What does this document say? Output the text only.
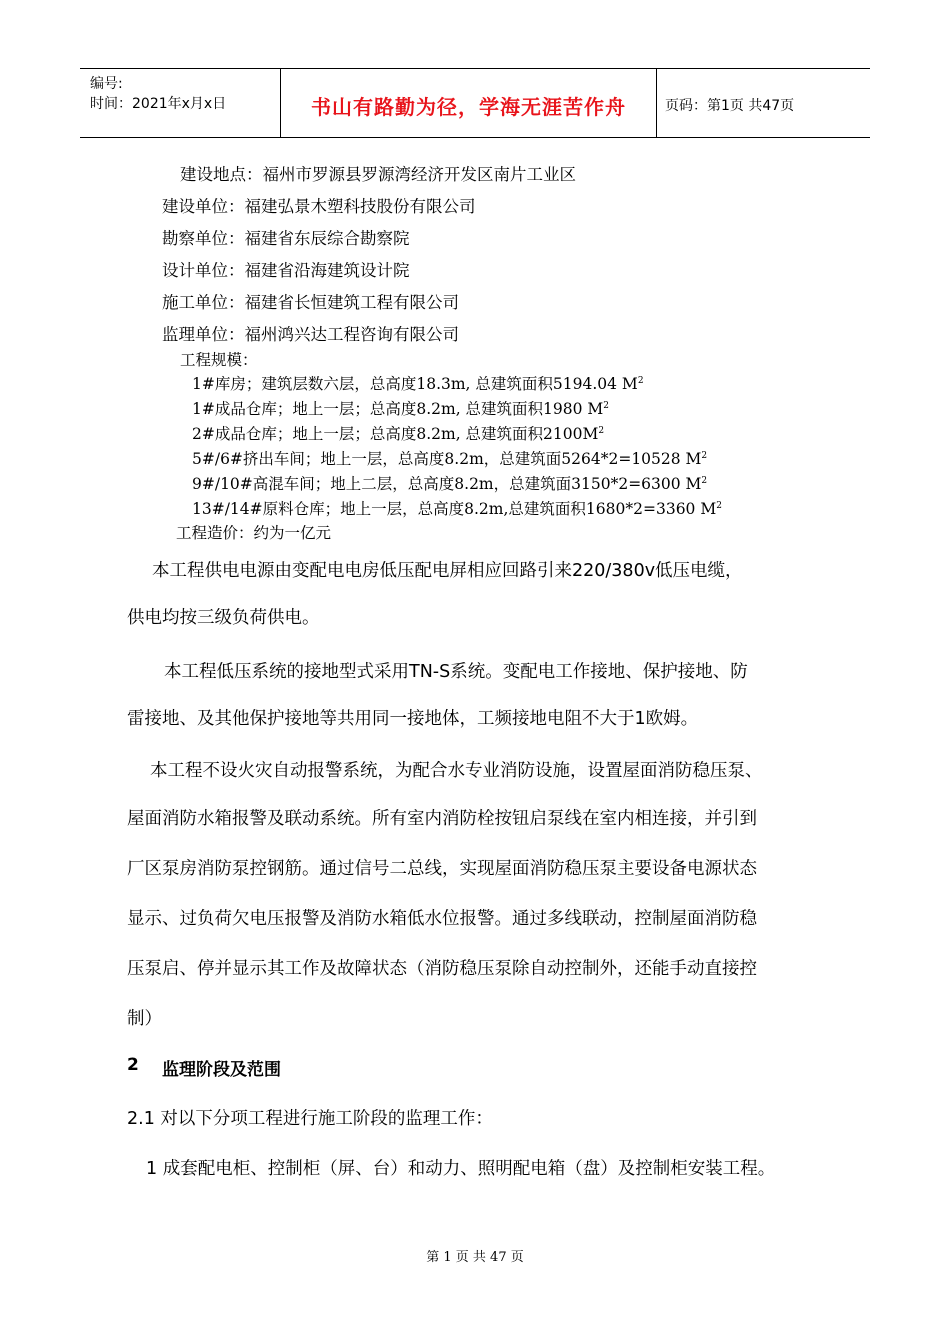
编号:
时间：2021年x月x日	书山有路勤为径，学海无涯苦作舟	页码：第1页 共47页
建设地点：福州市罗源县罗源湾经济开发区南片工业区
建设单位：福建弘景木塑科技股份有限公司
勘察单位：福建省东辰综合勘察院
设计单位：福建省沿海建筑设计院
施工单位：福建省长恒建筑工程有限公司
监理单位：福州鸿兴达工程咨询有限公司
工程规模：
1#库房；建筑层数六层，总高度18.3m, 总建筑面积5194.04 $M^2$
1#成品仓库；地上一层；总高度8.2m, 总建筑面积1980 $M^2$
2#成品仓库；地上一层；总高度8.2m, 总建筑面积$2100M^2$
5#/6#挤出车间；地上一层，总高度8.2m，总建筑面5264*2=10528 $M^2$
9#/10#高混车间；地上二层，总高度8.2m，总建筑面3150*2=6300 $M^2$
13#/14#原料仓库；地上一层，总高度8.2m,总建筑面积1680*2=3360 $M^2$
工程造价：约为一亿元
本工程供电电源由变配电电房低压配电屏相应回路引来220/380v低压电缆，
供电均按三级负荷供电。
本工程低压系统的接地型式采用TN-S系统。变配电工作接地、保护接地、防
雷接地、及其他保护接地等共用同一接地体，工频接地电阻不大于1欧姆。
本工程不设火灾自动报警系统，为配合水专业消防设施，设置屋面消防稳压泵、
屋面消防水箱报警及联动系统。所有室内消防栓按钮启泵线在室内相连接，并引到
厂区泵房消防泵控钢筋。通过信号二总线，实现屋面消防稳压泵主要设备电源状态
显示、过负荷欠电压报警及消防水箱低水位报警。通过多线联动，控制屋面消防稳
压泵启、停并显示其工作及故障状态（消防稳压泵除自动控制外，还能手动直接控
制）
2 监理阶段及范围
2.1 对以下分项工程进行施工阶段的监理工作：
1 成套配电柜、控制柜（屏、台）和动力、照明配电箱（盘）及控制柜安装工程。
第 1 页 共 47 页
